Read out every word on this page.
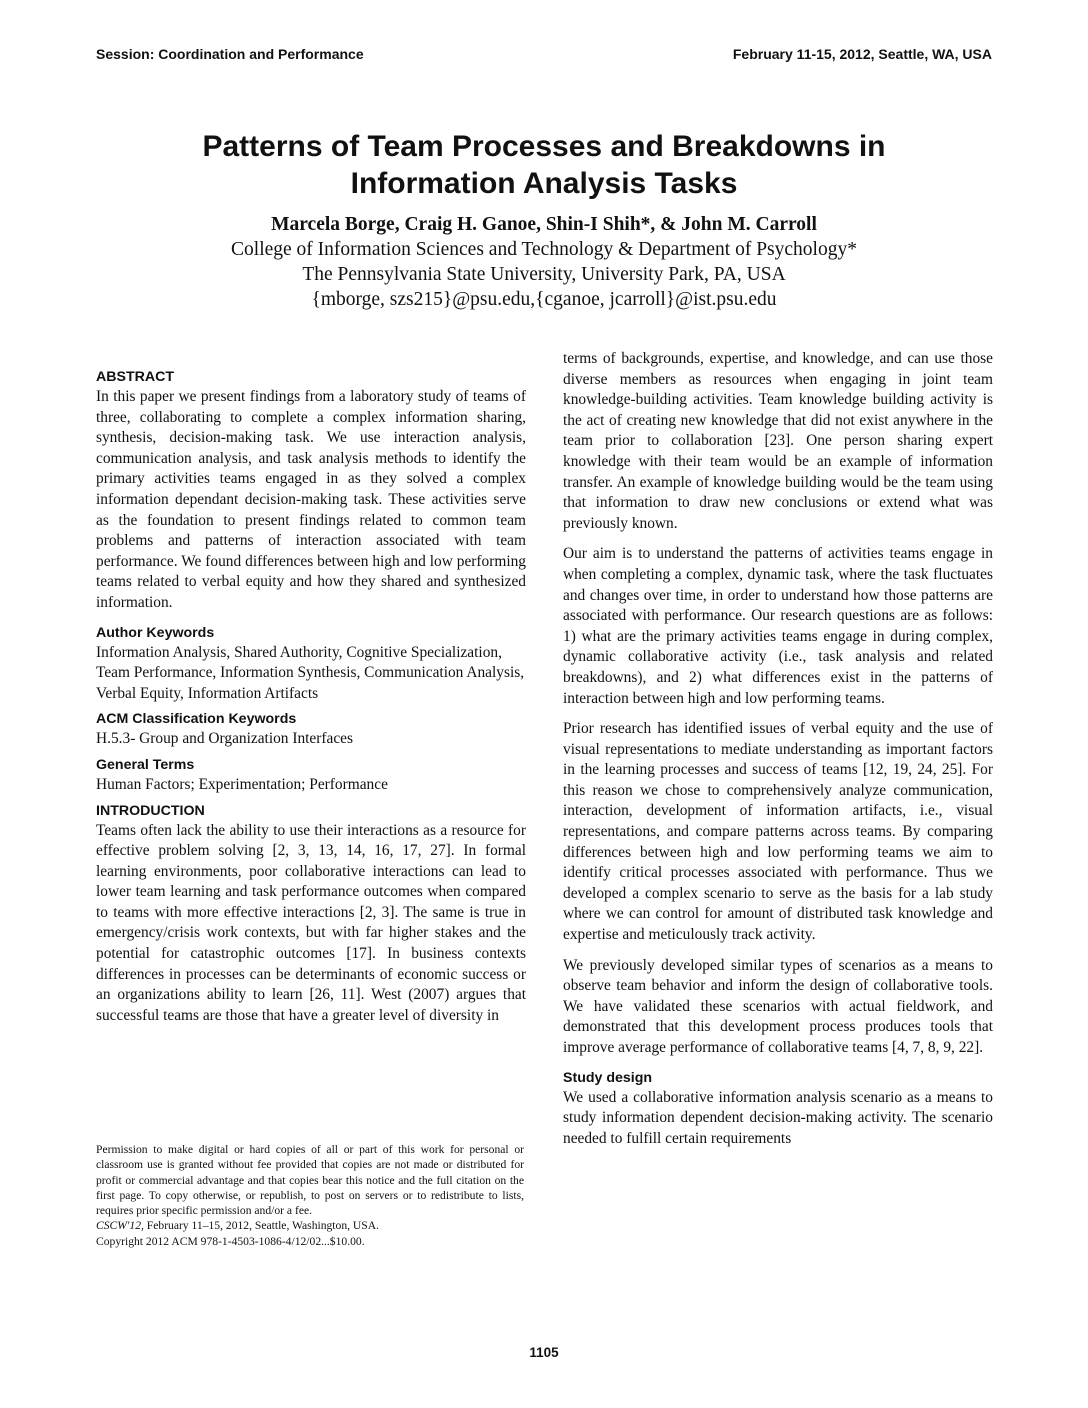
Session: Coordination and Performance	February 11-15, 2012, Seattle, WA, USA
Patterns of Team Processes and Breakdowns in
Information Analysis Tasks
Marcela Borge, Craig H. Ganoe, Shin-I Shih*, & John M. Carroll
College of Information Sciences and Technology & Department of Psychology*
The Pennsylvania State University, University Park, PA, USA
{mborge, szs215}@psu.edu,{cganoe, jcarroll}@ist.psu.edu
ABSTRACT

In this paper we present findings from a laboratory study of teams of three, collaborating to complete a complex information sharing, synthesis, decision-making task. We use interaction analysis, communication analysis, and task analysis methods to identify the primary activities teams engaged in as they solved a complex information dependant decision-making task. These activities serve as the foundation to present findings related to common team problems and patterns of interaction associated with team performance. We found differences between high and low performing teams related to verbal equity and how they shared and synthesized information.

Author Keywords

Information Analysis, Shared Authority, Cognitive Specialization, Team Performance, Information Synthesis, Communication Analysis, Verbal Equity, Information Artifacts

ACM Classification Keywords

H.5.3- Group and Organization Interfaces

General Terms

Human Factors; Experimentation; Performance

INTRODUCTION

Teams often lack the ability to use their interactions as a resource for effective problem solving [2, 3, 13, 14, 16, 17, 27]. In formal learning environments, poor collaborative interactions can lead to lower team learning and task performance outcomes when compared to teams with more effective interactions [2, 3]. The same is true in emergency/crisis work contexts, but with far higher stakes and the potential for catastrophic outcomes [17]. In business contexts differences in processes can be determinants of economic success or an organizations ability to learn [26, 11]. West (2007) argues that successful teams are those that have a greater level of diversity in

Permission to make digital or hard copies of all or part of this work for personal or classroom use is granted without fee provided that copies are not made or distributed for profit or commercial advantage and that copies bear this notice and the full citation on the first page. To copy otherwise, or republish, to post on servers or to redistribute to lists, requires prior specific permission and/or a fee.

CSCW'12, February 11–15, 2012, Seattle, Washington, USA.

Copyright 2012 ACM 978-1-4503-1086-4/12/02...$10.00.

terms of backgrounds, expertise, and knowledge, and can use those diverse members as resources when engaging in joint team knowledge-building activities. Team knowledge building activity is the act of creating new knowledge that did not exist anywhere in the team prior to collaboration [23]. One person sharing expert knowledge with their team would be an example of information transfer. An example of knowledge building would be the team using that information to draw new conclusions or extend what was previously known.

Our aim is to understand the patterns of activities teams engage in when completing a complex, dynamic task, where the task fluctuates and changes over time, in order to understand how those patterns are associated with performance. Our research questions are as follows: 1) what are the primary activities teams engage in during complex, dynamic collaborative activity (i.e., task analysis and related breakdowns), and 2) what differences exist in the patterns of interaction between high and low performing teams.

Prior research has identified issues of verbal equity and the use of visual representations to mediate understanding as important factors in the learning processes and success of teams [12, 19, 24, 25]. For this reason we chose to comprehensively analyze communication, interaction, development of information artifacts, i.e., visual representations, and compare patterns across teams. By comparing differences between high and low performing teams we aim to identify critical processes associated with performance. Thus we developed a complex scenario to serve as the basis for a lab study where we can control for amount of distributed task knowledge and expertise and meticulously track activity.

We previously developed similar types of scenarios as a means to observe team behavior and inform the design of collaborative tools. We have validated these scenarios with actual fieldwork, and demonstrated that this development process produces tools that improve average performance of collaborative teams [4, 7, 8, 9, 22].

Study design

We used a collaborative information analysis scenario as a means to study information dependent decision-making activity. The scenario needed to fulfill certain requirements

1105
